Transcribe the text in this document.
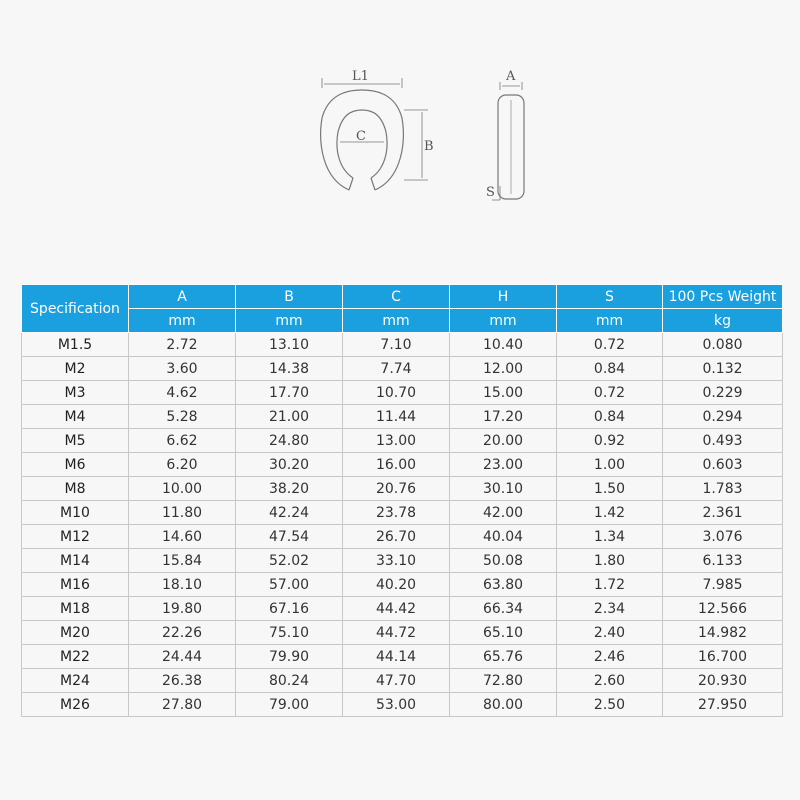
L1
C
B
A
S
Specification	A	B	C	H	S	100 Pcs Weight
	mm	mm	mm	mm	mm	kg
M1.5	2.72	13.10	7.10	10.40	0.72	0.080
M2	3.60	14.38	7.74	12.00	0.84	0.132
M3	4.62	17.70	10.70	15.00	0.72	0.229
M4	5.28	21.00	11.44	17.20	0.84	0.294
M5	6.62	24.80	13.00	20.00	0.92	0.493
M6	6.20	30.20	16.00	23.00	1.00	0.603
M8	10.00	38.20	20.76	30.10	1.50	1.783
M10	11.80	42.24	23.78	42.00	1.42	2.361
M12	14.60	47.54	26.70	40.04	1.34	3.076
M14	15.84	52.02	33.10	50.08	1.80	6.133
M16	18.10	57.00	40.20	63.80	1.72	7.985
M18	19.80	67.16	44.42	66.34	2.34	12.566
M20	22.26	75.10	44.72	65.10	2.40	14.982
M22	24.44	79.90	44.14	65.76	2.46	16.700
M24	26.38	80.24	47.70	72.80	2.60	20.930
M26	27.80	79.00	53.00	80.00	2.50	27.950
